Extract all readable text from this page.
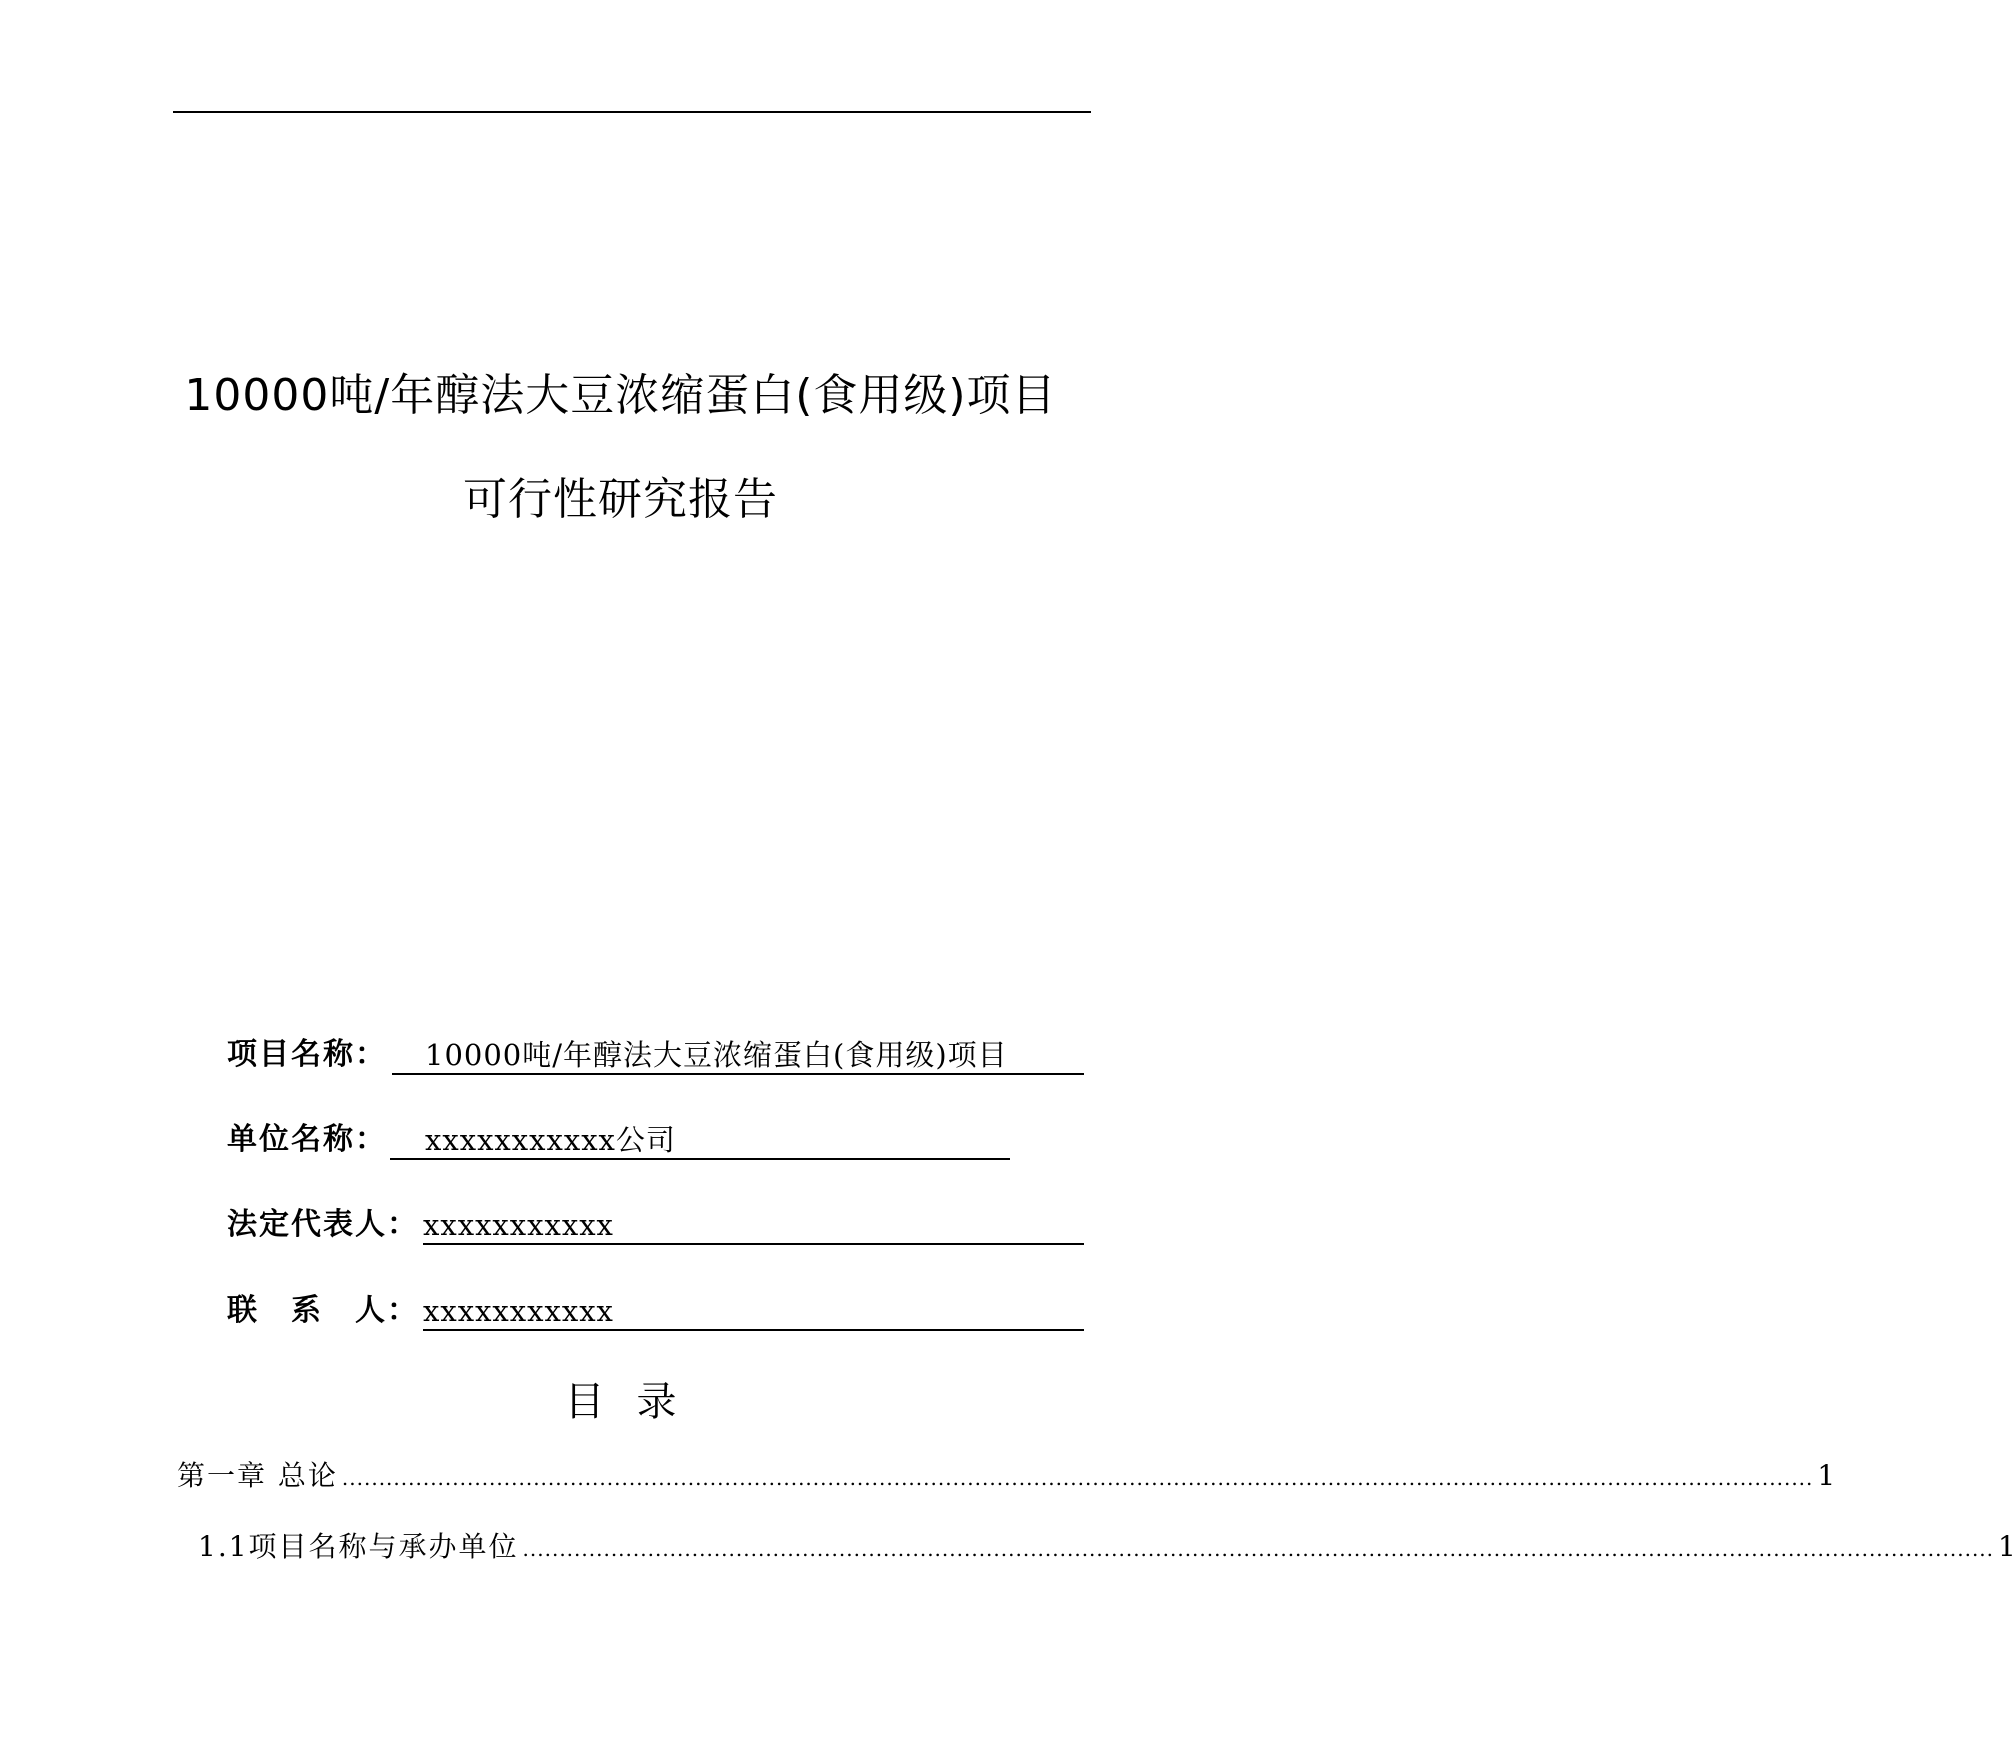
10000吨/年醇法大豆浓缩蛋白(食用级)项目
可行性研究报告
项目名称：	10000吨/年醇法大豆浓缩蛋白(食用级)项目
单位名称：	xxxxxxxxxxx公司
法定代表人： xxxxxxxxxxx
联　系　人： xxxxxxxxxxx
目录
第一章 总论 ........................................................................................................................................................................................................ 1
1.1项目名称与承办单位 ........................................................................................................................................................................................................ 1
